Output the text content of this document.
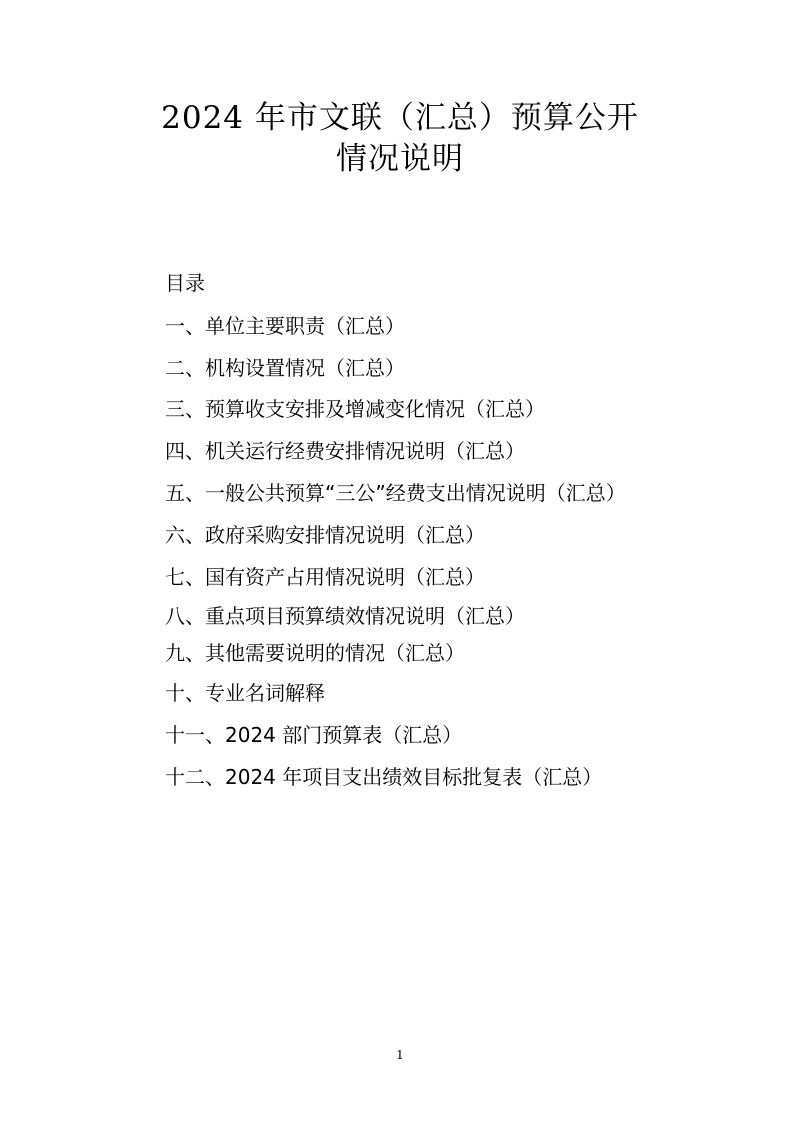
2024 年市文联（汇总）预算公开
情况说明
目录
一、单位主要职责（汇总）
二、机构设置情况（汇总）
三、预算收支安排及增减变化情况（汇总）
四、机关运行经费安排情况说明（汇总）
五、一般公共预算“三公”经费支出情况说明（汇总）
六、政府采购安排情况说明（汇总）
七、国有资产占用情况说明（汇总）
八、重点项目预算绩效情况说明（汇总）
九、其他需要说明的情况（汇总）
十、专业名词解释
十一、2024 部门预算表（汇总）
十二、2024 年项目支出绩效目标批复表（汇总）
1
